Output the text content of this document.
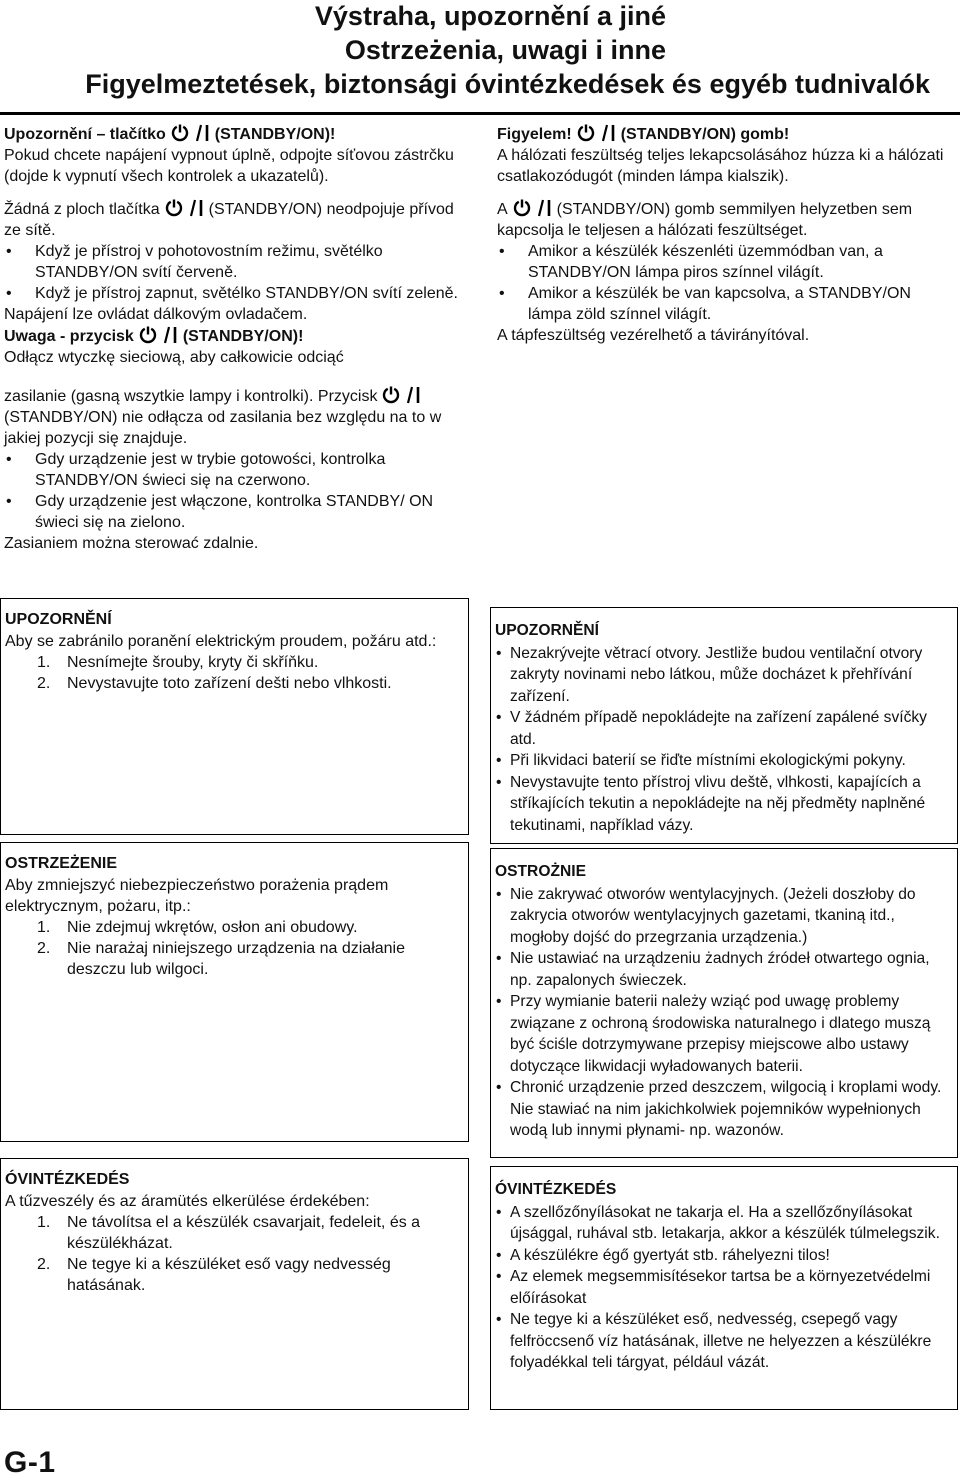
Výstraha, upozornění a jiné
Ostrzeżenia, uwagi i inne
Figyelmeztetések, biztonsági óvintézkedések és egyéb tudnivalók

Upozornění – tlačítko	(STANDBY/ON)!

Pokud chcete napájení vypnout úplně, odpojte síťovou zástrčku (dojde k vypnutí všech kontrolek a ukazatelů).

Žádná z ploch tlačítka	(STANDBY/ON) neodpojuje přívod ze sítě.

• Když je přístroj v pohotovostním režimu, světélko STANDBY/ON svítí červeně.

• Když je přístroj zapnut, světélko STANDBY/ON svítí zeleně.

Napájení lze ovládat dálkovým ovladačem.

Uwaga - przycisk	(STANDBY/ON)!

Odłącz wtyczkę sieciową, aby całkowicie odciąć

zasilanie (gasną wszytkie lampy i kontrolki). Przycisk(STANDBY/ON) nie odłącza od zasilania bez względu na to w jakiej pozycji się znajduje.

• Gdy urządzenie jest w trybie gotowości, kontrolka STANDBY/ON świeci się na czerwono.

• Gdy urządzenie jest włączone, kontrolka STANDBY/ ON świeci się na zielono.

Zasianiem można sterować zdalnie.

Figyelem!	(STANDBY/ON) gomb!

A hálózati feszültség teljes lekapcsolásához húzza ki a hálózati csatlakozódugót (minden lámpa kialszik).

A	(STANDBY/ON) gomb semmilyen helyzetben sem kapcsolja le teljesen a hálózati feszültséget.

• Amikor a készülék készenléti üzemmódban van, a STANDBY/ON lámpa piros színnel világít.

• Amikor a készülék be van kapcsolva, a STANDBY/ON lámpa zöld színnel világít.

A tápfeszültség vezérelhető a távirányítóval.

UPOZORNĚNÍ
Aby se zabránilo poranění elektrickým proudem, požáru atd.:
1. Nesnímejte šrouby, kryty či skříňku.
2. Nevystavujte toto zařízení dešti nebo vlhkosti.
OSTRZEŻENIE
Aby zmniejszyć niebezpieczeństwo porażenia prądem elektrycznym, pożaru, itp.:
1. Nie zdejmuj wkrętów, osłon ani obudowy.
2. Nie narażaj niniejszego urządzenia na działanie deszczu lub wilgoci.
ÓVINTÉZKEDÉS
A tűzveszély és az áramütés elkerülése érdekében:
1. Ne távolítsa el a készülék csavarjait, fedeleit, és a készülékházat.
2. Ne tegye ki a készüléket eső vagy nedvesség hatásának.
UPOZORNĚNÍ
• Nezakrývejte větrací otvory. Jestliže budou ventilační otvory zakryty novinami nebo látkou, může docházet k přehřívání zařízení.
• V žádném případě nepokládejte na zařízení zapálené svíčky atd.
• Při likvidaci baterií se řiďte místními ekologickými pokyny.
• Nevystavujte tento přístroj vlivu deště, vlhkosti, kapajících a stříkajících tekutin a nepokládejte na něj předměty naplněné tekutinami, například vázy.
OSTROŻNIE
• Nie zakrywać otworów wentylacyjnych. (Jeżeli doszłoby do zakrycia otworów wentylacyjnych gazetami, tkaniną itd., mogłoby dojść do przegrzania urządzenia.)
• Nie ustawiać na urządzeniu żadnych źródeł otwartego ognia, np. zapalonych świeczek.
• Przy wymianie baterii należy wziąć pod uwagę problemy związane z ochroną środowiska naturalnego i dlatego muszą być ściśle dotrzymywane przepisy miejscowe albo ustawy dotyczące likwidacji wyładowanych baterii.
• Chronić urządzenie przed deszczem, wilgocią i kroplami wody. Nie stawiać na nim jakichkolwiek pojemników wypełnionych wodą lub innymi płynami- np. wazonów.
ÓVINTÉZKEDÉS
• A szellőzőnyílásokat ne takarja el. Ha a szellőzőnyílásokat újsággal, ruhával stb. letakarja, akkor a készülék túlmelegszik.
• A készülékre égő gyertyát stb. ráhelyezni tilos!
• Az elemek megsemmisítésekor tartsa be a környezetvédelmi előírásokat
• Ne tegye ki a készüléket eső, nedvesség, csepegő vagy felfröccsenő víz hatásának, illetve ne helyezzen a készülékre folyadékkal teli tárgyat, például vázát.
G-1
